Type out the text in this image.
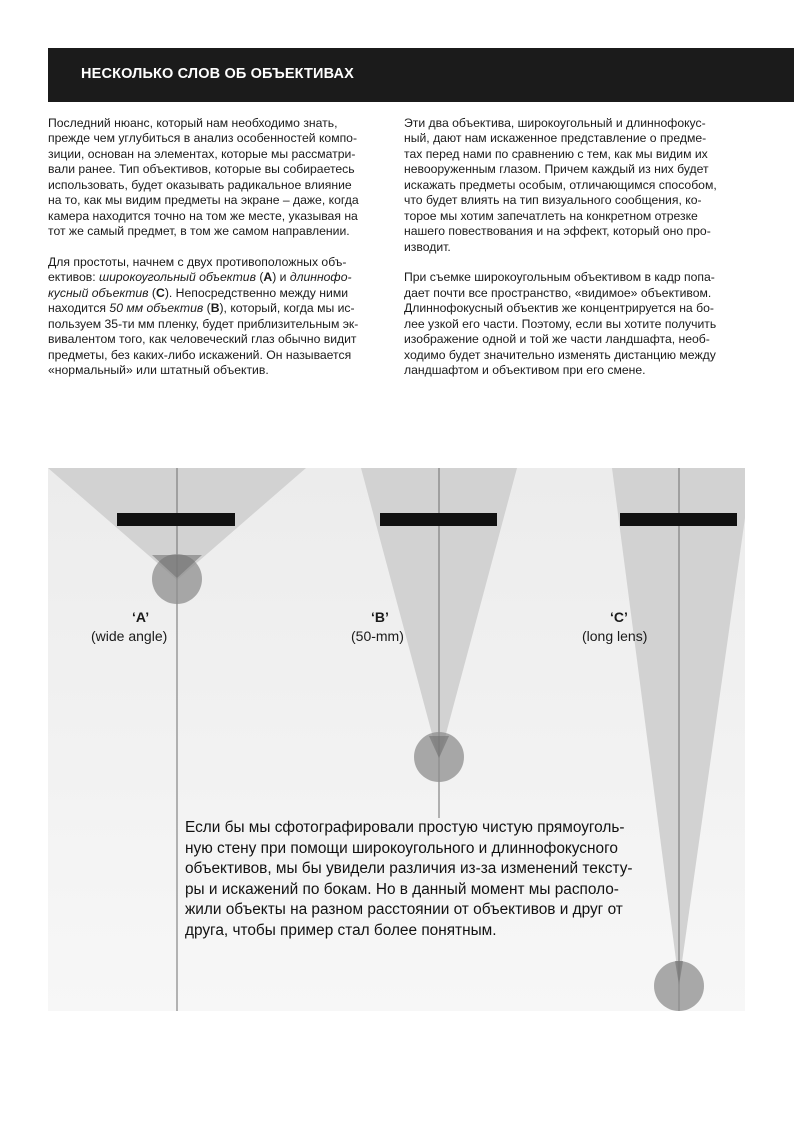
НЕСКОЛЬКО СЛОВ ОБ ОБЪЕКТИВАХ

Последний нюанс, который нам необходимо знать,
прежде чем углубиться в анализ особенностей компо-
зиции, основан на элементах, которые мы рассматри-
вали ранее. Тип объективов, которые вы собираетесь
использовать, будет оказывать радикальное влияние
на то, как мы видим предметы на экране – даже, когда
камера находится точно на том же месте, указывая на
тот же самый предмет, в том же самом направлении.

Для простоты, начнем с двух противоположных объ-
ективов: широкоугольный объектив (A) и длиннофо-
кусный объектив (C). Непосредственно между ними
находится 50 мм объектив (B), который, когда мы ис-
пользуем 35-ти мм пленку, будет приблизительным эк-
вивалентом того, как человеческий глаз обычно видит
предметы, без каких-либо искажений. Он называется
«нормальный» или штатный объектив.

Эти два объектива, широкоугольный и длиннофокус-
ный, дают нам искаженное представление о предме-
тах перед нами по сравнению с тем, как мы видим их
невооруженным глазом. Причем каждый из них будет
искажать предметы особым, отличающимся способом,
что будет влиять на тип визуального сообщения, ко-
торое мы хотим запечатлеть на конкретном отрезке
нашего повествования и на эффект, который оно про-
изводит.

При съемке широкоугольным объективом в кадр попа-
дает почти все пространство, «видимое» объективом.
Длиннофокусный объектив же концентрируется на бо-
лее узкой его части. Поэтому, если вы хотите получить
изображение одной и той же части ландшафта, необ-
ходимо будет значительно изменять дистанцию между
ландшафтом и объективом при его смене.

‘A’
(wide angle)
‘B’
(50-mm)
‘C’
(long lens)
Если бы мы сфотографировали простую чистую прямоуголь-
ную стену при помощи широкоугольного и длиннофокусного
объективов, мы бы увидели различия из-за изменений тексту-
ры и искажений по бокам. Но в данный момент мы располо-
жили объекты на разном расстоянии от объективов и друг от
друга, чтобы пример стал более понятным.
